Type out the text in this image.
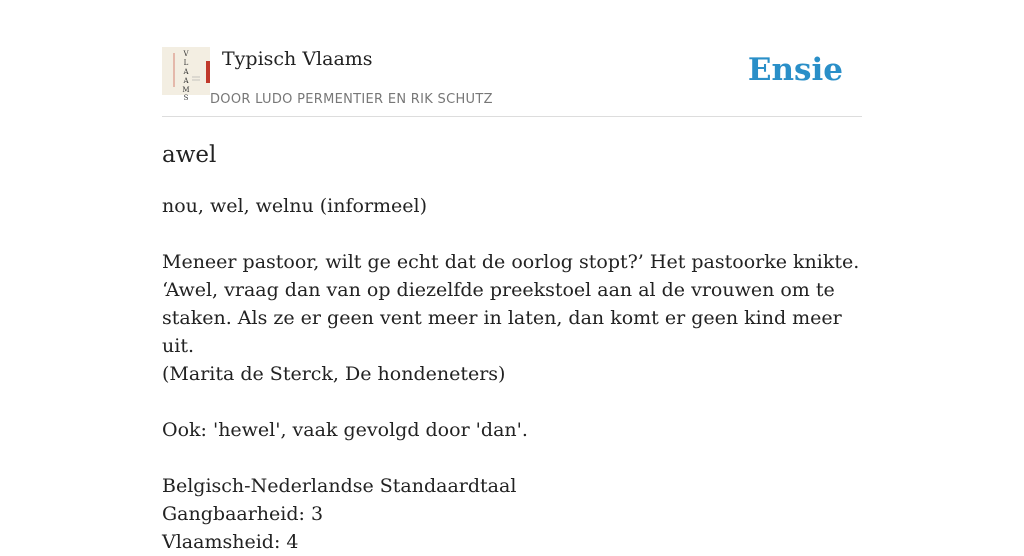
V
L
A
A
M
S
Typisch Vlaams
DOOR LUDO PERMENTIER EN RIK SCHUTZ
Ensie
awel

nou, wel, welnu (informeel)

Meneer pastoor, wilt ge echt dat de oorlog stopt?’ Het pastoorke knikte. ‘Awel, vraag dan van op diezelfde preekstoel aan al de vrouwen om te staken. Als ze er geen vent meer in laten, dan komt er geen kind meer uit.

(Marita de Sterck, De hondeneters)

Ook: 'hewel', vaak gevolgd door 'dan'.

Belgisch-Nederlandse Standaardtaal

Gangbaarheid: 3

Vlaamsheid: 4
